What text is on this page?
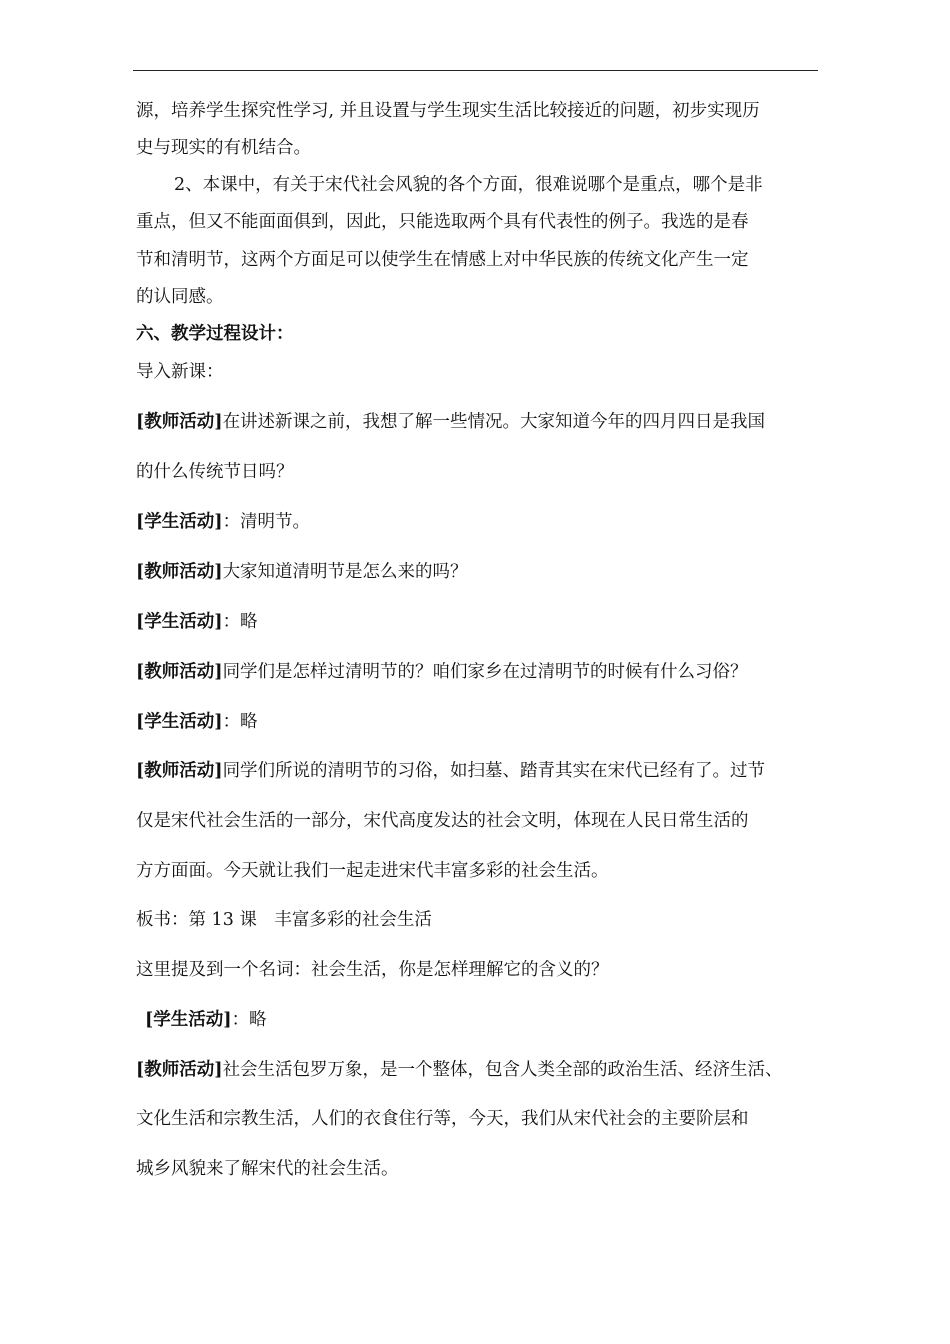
源，培养学生探究性学习, 并且设置与学生现实生活比较接近的问题，初步实现历
史与现实的有机结合。
2、本课中，有关于宋代社会风貌的各个方面，很难说哪个是重点，哪个是非
重点，但又不能面面俱到，因此，只能选取两个具有代表性的例子。我选的是春
节和清明节，这两个方面足可以使学生在情感上对中华民族的传统文化产生一定
的认同感。
六、教学过程设计：
导入新课：
[教师活动]在讲述新课之前，我想了解一些情况。大家知道今年的四月四日是我国
的什么传统节日吗？
[学生活动]：清明节。
[教师活动]大家知道清明节是怎么来的吗？
[学生活动]：略
[教师活动]同学们是怎样过清明节的？咱们家乡在过清明节的时候有什么习俗？
[学生活动]：略
[教师活动]同学们所说的清明节的习俗，如扫墓、踏青其实在宋代已经有了。过节
仅是宋代社会生活的一部分，宋代高度发达的社会文明，体现在人民日常生活的
方方面面。今天就让我们一起走进宋代丰富多彩的社会生活。
板书：第 13 课　丰富多彩的社会生活
这里提及到一个名词：社会生活，你是怎样理解它的含义的？
[学生活动]：略
[教师活动]社会生活包罗万象，是一个整体，包含人类全部的政治生活、经济生活、
文化生活和宗教生活，人们的衣食住行等，今天，我们从宋代社会的主要阶层和
城乡风貌来了解宋代的社会生活。
